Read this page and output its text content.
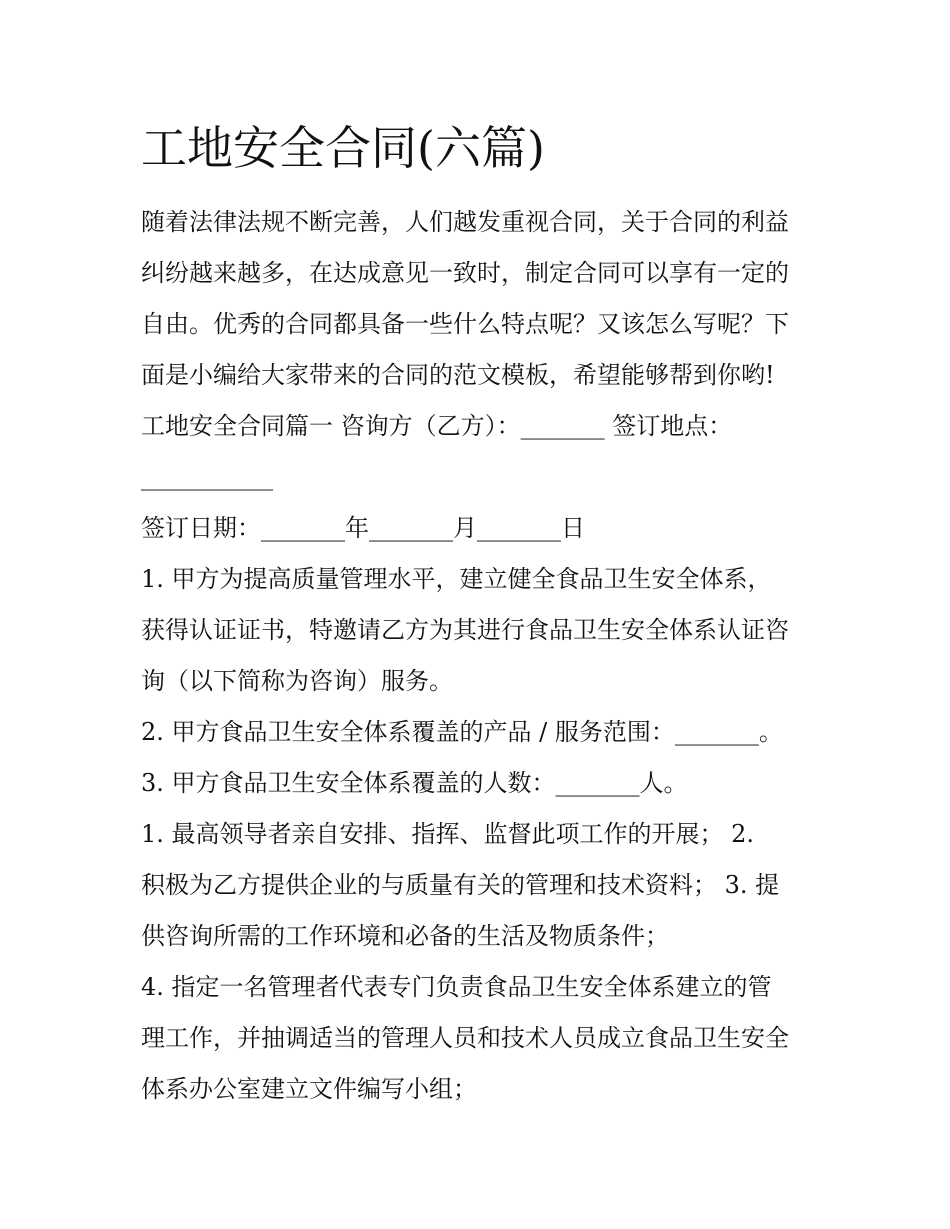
工地安全合同(六篇)
随着法律法规不断完善，人们越发重视合同，关于合同的利益
纠纷越来越多，在达成意见一致时，制定合同可以享有一定的
自由。优秀的合同都具备一些什么特点呢？又该怎么写呢？下
面是小编给大家带来的合同的范文模板，希望能够帮到你哟!
工地安全合同篇一 咨询方（乙方）：_______ 签订地点：
___________
签订日期：_______年_______月_______日
1. 甲方为提高质量管理水平，建立健全食品卫生安全体系，
获得认证证书，特邀请乙方为其进行食品卫生安全体系认证咨
询（以下简称为咨询）服务。
2. 甲方食品卫生安全体系覆盖的产品 / 服务范围：_______。
3. 甲方食品卫生安全体系覆盖的人数：_______人。
1. 最高领导者亲自安排、指挥、监督此项工作的开展； 2.
积极为乙方提供企业的与质量有关的管理和技术资料； 3. 提
供咨询所需的工作环境和必备的生活及物质条件；
4. 指定一名管理者代表专门负责食品卫生安全体系建立的管
理工作，并抽调适当的管理人员和技术人员成立食品卫生安全
体系办公室建立文件编写小组；
